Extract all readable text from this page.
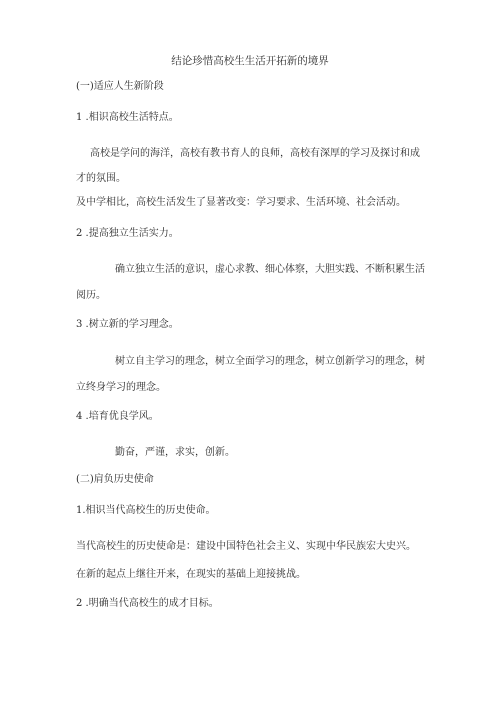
结论珍惜高校生生活开拓新的境界
(一)适应人生新阶段
1 .相识高校生活特点。
高校是学问的海洋，高校有教书育人的良师，高校有深厚的学习及探讨和成
才的氛围。
及中学相比，高校生活发生了显著改变：学习要求、生活环境、社会活动。
2 .提高独立生活实力。
确立独立生活的意识，虚心求教、细心体察，大胆实践、不断积累生活
阅历。
3 .树立新的学习理念。
树立自主学习的理念，树立全面学习的理念，树立创新学习的理念，树
立终身学习的理念。
4 .培育优良学风。
勤奋，严谨，求实，创新。
(二)肩负历史使命
1.相识当代高校生的历史使命。
当代高校生的历史使命是：建设中国特色社会主义、实现中华民族宏大史兴。
在新的起点上继往开来，在现实的基础上迎接挑战。
2 .明确当代高校生的成才目标。
